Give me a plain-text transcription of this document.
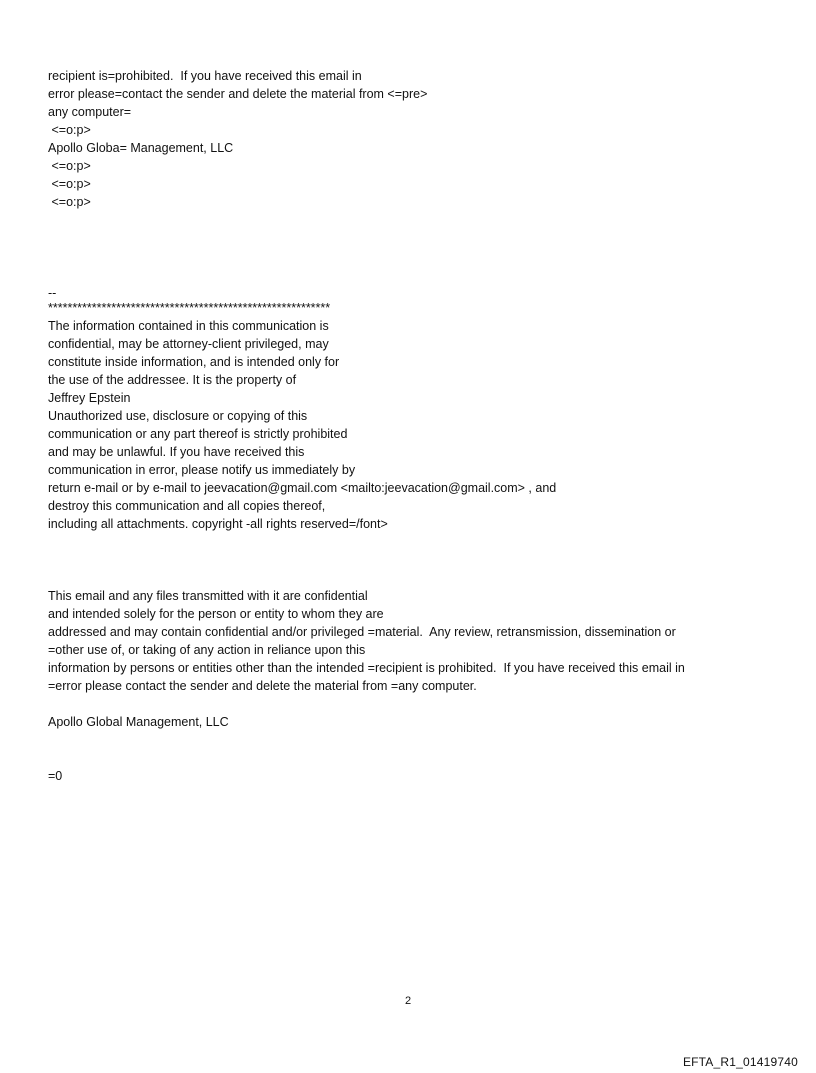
recipient is=prohibited.  If you have received this email in
error please=contact the sender and delete the material from <=pre>
any computer=
<=o:p>
Apollo Globa= Management, LLC
<=o:p>
<=o:p>
<=o:p>
--
**********************************************************
The information contained in this communication is
confidential, may be attorney-client privileged, may
constitute inside information, and is intended only for
the use of the addressee. It is the property of
Jeffrey Epstein
Unauthorized use, disclosure or copying of this
communication or any part thereof is strictly prohibited
and may be unlawful. If you have received this
communication in error, please notify us immediately by
return e-mail or by e-mail to jeevacation@gmail.com <mailto:jeevacation@gmail.com> , and
destroy this communication and all copies thereof,
including all attachments. copyright -all rights reserved=/font>
This email and any files transmitted with it are confidential
and intended solely for the person or entity to whom they are
addressed and may contain confidential and/or privileged =material.  Any review, retransmission, dissemination or
=other use of, or taking of any action in reliance upon this
information by persons or entities other than the intended =recipient is prohibited.  If you have received this email in
=error please contact the sender and delete the material from =any computer.
Apollo Global Management, LLC
=0
2
EFTA_R1_01419740
